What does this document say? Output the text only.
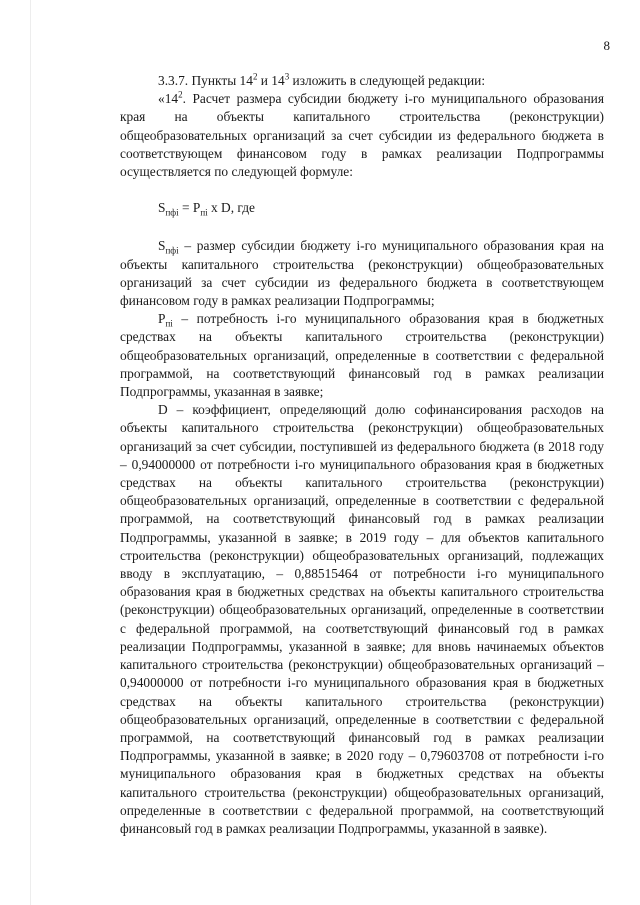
8

3.3.7. Пункты $14^2$ и $14^3$ изложить в следующей редакции:

«$14^2$. Расчет размера субсидии бюджету i-го муниципального образования края на объекты капитального строительства (реконструкции) общеобразовательных организаций за счет субсидии из федерального бюджета в соответствующем финансовом году в рамках реализации Подпрограммы осуществляется по следующей формуле:

$S_{пфi} = P_{пi}$ x D, где

$S_{пфi}$ – размер субсидии бюджету i-го муниципального образования края на объекты капитального строительства (реконструкции) общеобразовательных организаций за счет субсидии из федерального бюджета в соответствующем финансовом году в рамках реализации Подпрограммы;

$P_{пi}$ – потребность i-го муниципального образования края в бюджетных средствах на объекты капитального строительства (реконструкции) общеобразовательных организаций, определенные в соответствии с федеральной программой, на соответствующий финансовый год в рамках реализации Подпрограммы, указанная в заявке;

D – коэффициент, определяющий долю софинансирования расходов на объекты капитального строительства (реконструкции) общеобразовательных организаций за счет субсидии, поступившей из федерального бюджета (в 2018 году – 0,94000000 от потребности i-го муниципального образования края в бюджетных средствах на объекты капитального строительства (реконструкции) общеобразовательных организаций, определенные в соответствии с федеральной программой, на соответствующий финансовый год в рамках реализации Подпрограммы, указанной в заявке; в 2019 году – для объектов капитального строительства (реконструкции) общеобразовательных организаций, подлежащих вводу в эксплуатацию, – 0,88515464 от потребности i-го муниципального образования края в бюджетных средствах на объекты капитального строительства (реконструкции) общеобразовательных организаций, определенные в соответствии с федеральной программой, на соответствующий финансовый год в рамках реализации Подпрограммы, указанной в заявке; для вновь начинаемых объектов капитального строительства (реконструкции) общеобразовательных организаций – 0,94000000 от потребности i-го муниципального образования края в бюджетных средствах на объекты капитального строительства (реконструкции) общеобразовательных организаций, определенные в соответствии с федеральной программой, на соответствующий финансовый год в рамках реализации Подпрограммы, указанной в заявке; в 2020 году – 0,79603708 от потребности i-го муниципального образования края в бюджетных средствах на объекты капитального строительства (реконструкции) общеобразовательных организаций, определенные в соответствии с федеральной программой, на соответствующий финансовый год в рамках реализации Подпрограммы, указанной в заявке).
